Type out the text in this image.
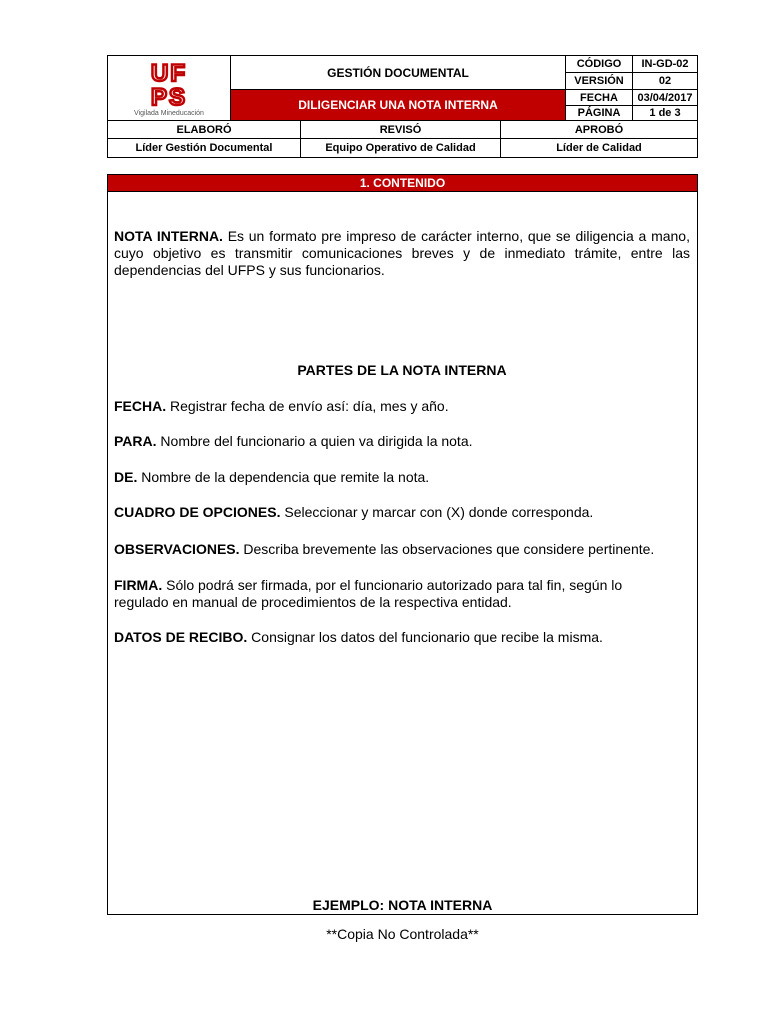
UF
PS
Vigilada Mineducación
GESTIÓN DOCUMENTAL
DILIGENCIAR UNA NOTA INTERNA
CÓDIGO	IN-GD-02
VERSIÓN	02
FECHA	03/04/2017
PÁGINA	1 de 3
ELABORÓ	REVISÓ	APROBÓ
Líder Gestión Documental	Equipo Operativo de Calidad	Líder de Calidad
1. CONTENIDO

NOTA INTERNA. Es un formato pre impreso de carácter interno, que se diligencia a mano, cuyo objetivo es transmitir comunicaciones breves y de inmediato trámite, entre las dependencias del UFPS y sus funcionarios.

PARTES DE LA NOTA INTERNA

FECHA. Registrar fecha de envío así: día, mes y año.

PARA. Nombre del funcionario a quien va dirigida la nota.

DE. Nombre de la dependencia que remite la nota.

CUADRO DE OPCIONES. Seleccionar y marcar con (X) donde corresponda.

OBSERVACIONES. Describa brevemente las observaciones que considere pertinente.

FIRMA. Sólo podrá ser firmada, por el funcionario autorizado para tal fin, según lo regulado en manual de procedimientos de la respectiva entidad.

DATOS DE RECIBO. Consignar los datos del funcionario que recibe la misma.

EJEMPLO: NOTA INTERNA

**Copia No Controlada**
